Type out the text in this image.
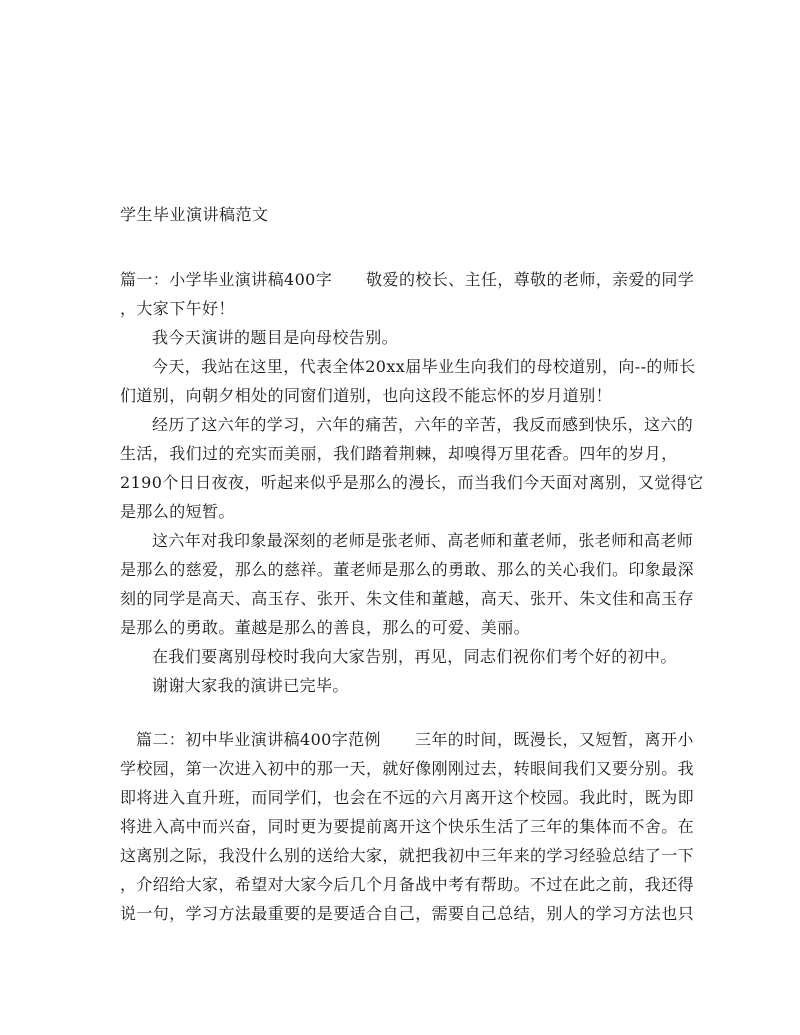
学生毕业演讲稿范文
篇一：小学毕业演讲稿400字 敬爱的校长、主任，尊敬的老师，亲爱的同学
，大家下午好！
我今天演讲的题目是向母校告别。
今天，我站在这里，代表全体20xx届毕业生向我们的母校道别，向--的师长
们道别，向朝夕相处的同窗们道别，也向这段不能忘怀的岁月道别！
经历了这六年的学习，六年的痛苦，六年的辛苦，我反而感到快乐，这六的
生活，我们过的充实而美丽，我们踏着荆棘，却嗅得万里花香。四年的岁月，
2190个日日夜夜，听起来似乎是那么的漫长，而当我们今天面对离别，又觉得它
是那么的短暂。
这六年对我印象最深刻的老师是张老师、高老师和董老师，张老师和高老师
是那么的慈爱，那么的慈祥。董老师是那么的勇敢、那么的关心我们。印象最深
刻的同学是高天、高玉存、张开、朱文佳和董越，高天、张开、朱文佳和高玉存
是那么的勇敢。董越是那么的善良，那么的可爱、美丽。
在我们要离别母校时我向大家告别，再见，同志们祝你们考个好的初中。
谢谢大家我的演讲已完毕。
篇二：初中毕业演讲稿400字范例 三年的时间，既漫长，又短暂，离开小
学校园，第一次进入初中的那一天，就好像刚刚过去，转眼间我们又要分别。我
即将进入直升班，而同学们，也会在不远的六月离开这个校园。我此时，既为即
将进入高中而兴奋，同时更为要提前离开这个快乐生活了三年的集体而不舍。在
这离别之际，我没什么别的送给大家，就把我初中三年来的学习经验总结了一下
，介绍给大家，希望对大家今后几个月备战中考有帮助。不过在此之前，我还得
说一句，学习方法最重要的是要适合自己，需要自己总结，别人的学习方法也只
